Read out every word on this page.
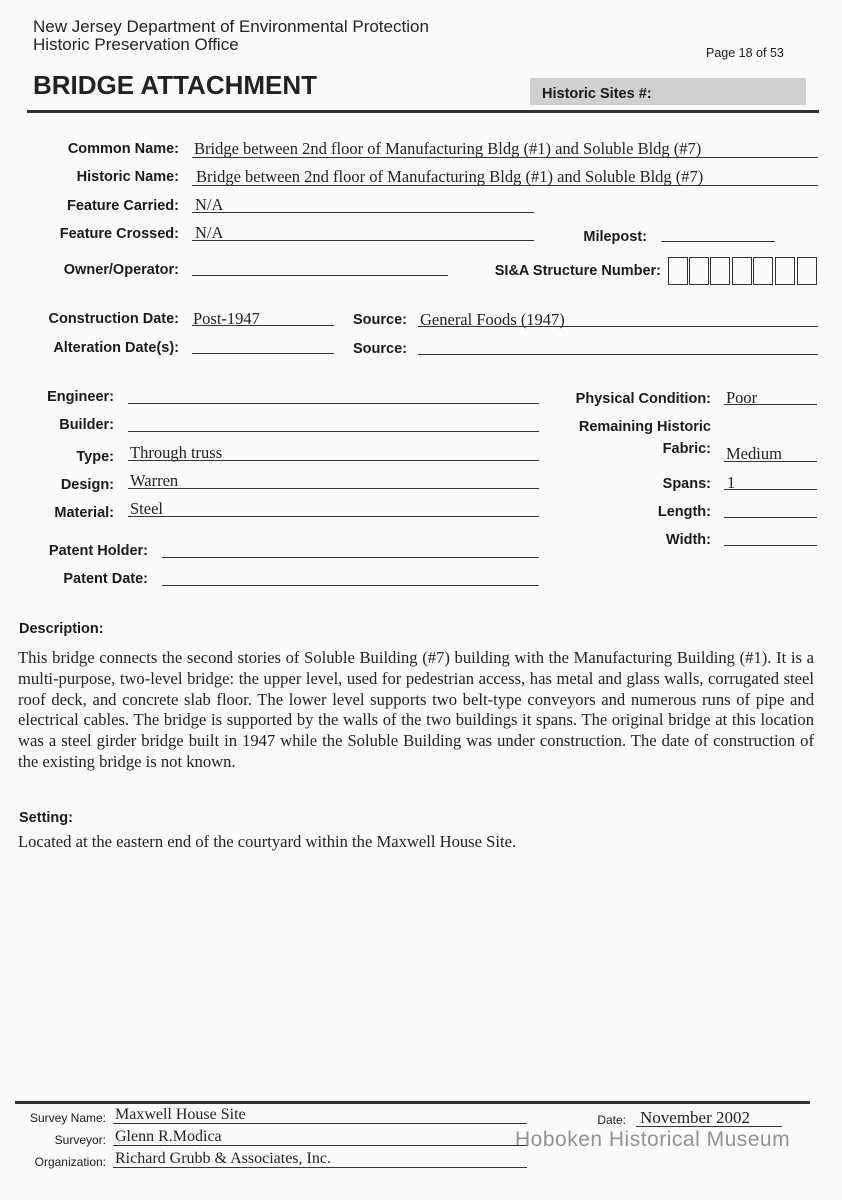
New Jersey Department of Environmental Protection
Historic Preservation Office	Page 18 of 53
BRIDGE ATTACHMENT	Historic Sites #:
Common Name: Bridge between 2nd floor of Manufacturing Bldg (#1) and Soluble Bldg (#7)
Historic Name: Bridge between 2nd floor of Manufacturing Bldg (#1) and Soluble Bldg (#7)
Feature Carried: N/A
Feature Crossed: N/A	Milepost:
Owner/Operator:	SI&A Structure Number:
Construction Date: Post-1947	Source: General Foods (1947)
Alteration Date(s):	Source:
Engineer:
Builder:
Type: Through truss
Design: Warren
Material: Steel
Patent Holder:
Patent Date:
Physical Condition: Poor
Remaining Historic
Fabric: Medium
Spans: 1
Length:
Width:
Description:
This bridge connects the second stories of Soluble Building (#7) building with the Manufacturing Building (#1). It is a multi-purpose, two-level bridge: the upper level, used for pedestrian access, has metal and glass walls, corrugated steel roof deck, and concrete slab floor. The lower level supports two belt-type conveyors and numerous runs of pipe and electrical cables. The bridge is supported by the walls of the two buildings it spans. The original bridge at this location was a steel girder bridge built in 1947 while the Soluble Building was under construction. The date of construction of the existing bridge is not known.
Setting:
Located at the eastern end of the courtyard within the Maxwell House Site.
Survey Name: Maxwell House Site
Surveyor: Glenn R.Modica
Organization: Richard Grubb & Associates, Inc.
Date: November 2002
Hoboken Historical Museum
